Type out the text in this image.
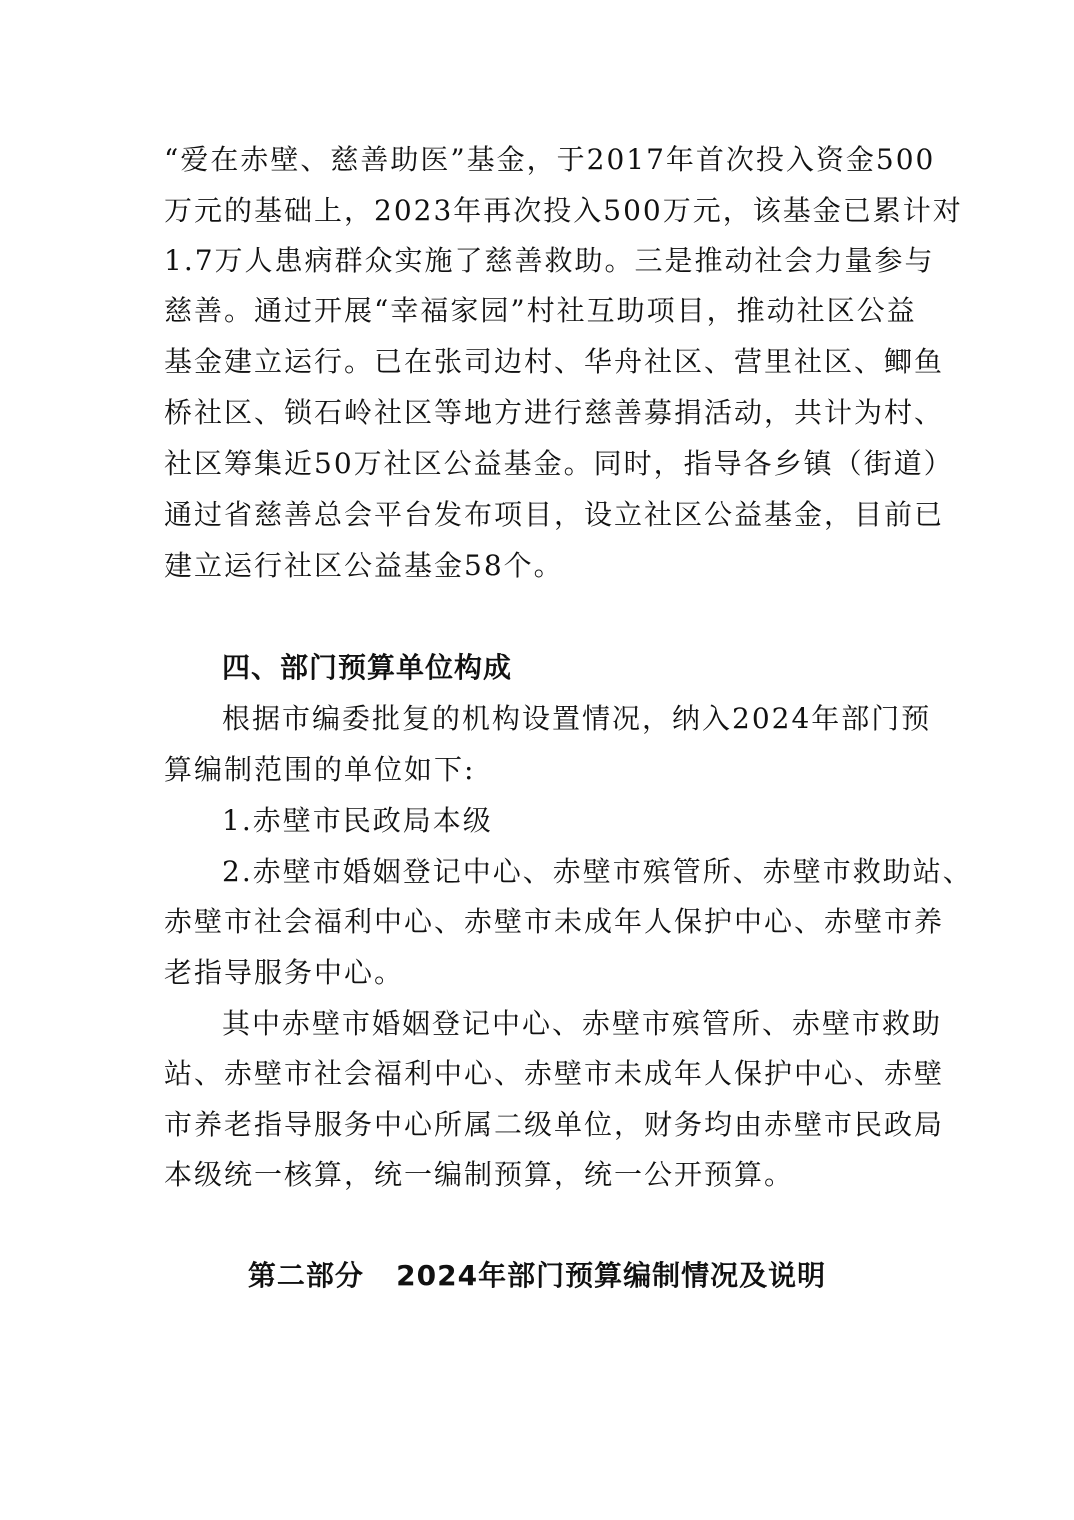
“爱在赤壁、慈善助医”基金，于2017年首次投入资金500
万元的基础上，2023年再次投入500万元，该基金已累计对
1.7万人患病群众实施了慈善救助。三是推动社会力量参与
慈善。通过开展“幸福家园”村社互助项目，推动社区公益
基金建立运行。已在张司边村、华舟社区、营里社区、鲫鱼
桥社区、锁石岭社区等地方进行慈善募捐活动，共计为村、
社区筹集近50万社区公益基金。同时，指导各乡镇（街道）
通过省慈善总会平台发布项目，设立社区公益基金，目前已
建立运行社区公益基金58个。
四、部门预算单位构成
根据市编委批复的机构设置情况，纳入2024年部门预
算编制范围的单位如下:
1.赤壁市民政局本级
2.赤壁市婚姻登记中心、赤壁市殡管所、赤壁市救助站、
赤壁市社会福利中心、赤壁市未成年人保护中心、赤壁市养
老指导服务中心。
其中赤壁市婚姻登记中心、赤壁市殡管所、赤壁市救助
站、赤壁市社会福利中心、赤壁市未成年人保护中心、赤壁
市养老指导服务中心所属二级单位，财务均由赤壁市民政局
本级统一核算，统一编制预算，统一公开预算。
第二部分   2024年部门预算编制情况及说明
